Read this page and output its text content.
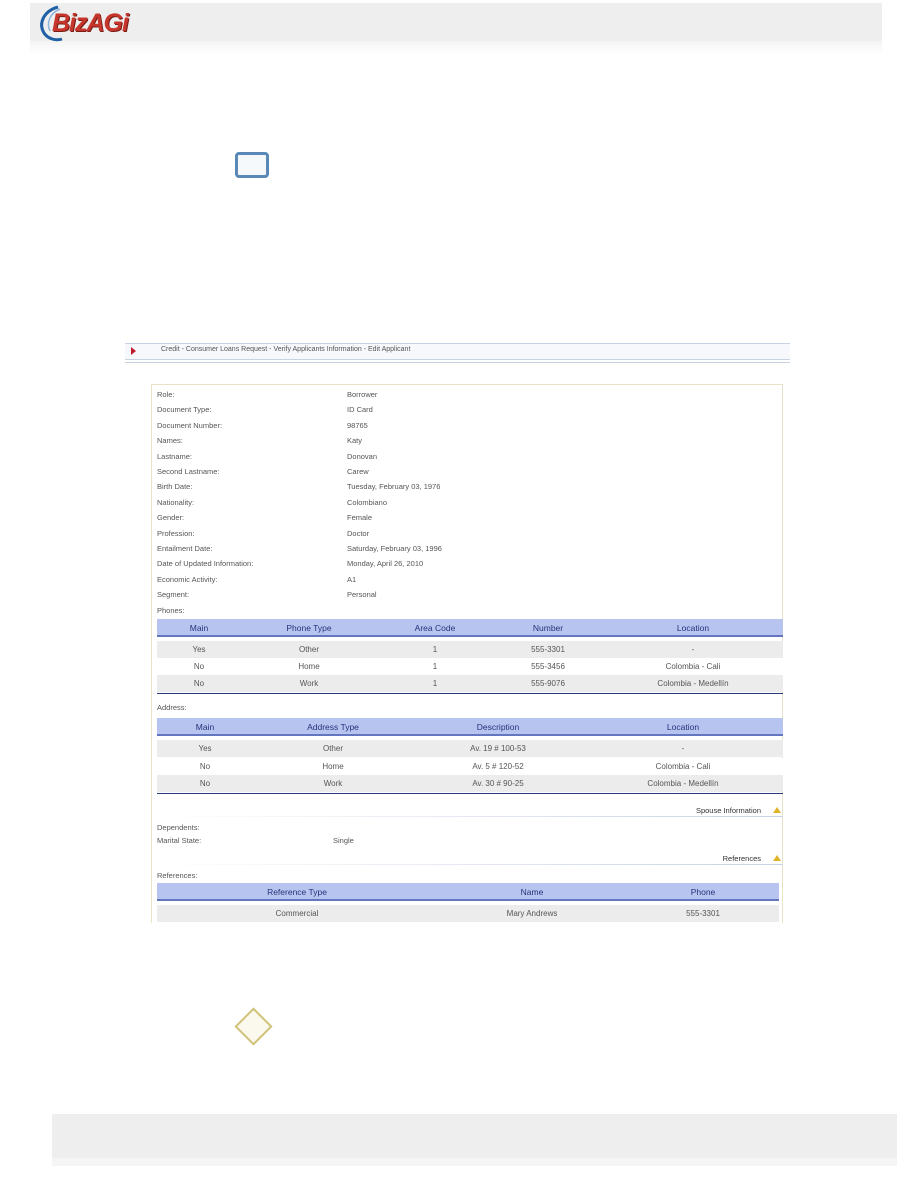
BizAGi
Credit - Consumer Loans Request - Verify Applicants Information - Edit Applicant
Role:	Borrower
Document Type:	ID Card
Document Number:	98765
Names:	Katy
Lastname:	Donovan
Second Lastname:	Carew
Birth Date:	Tuesday, February 03, 1976
Nationality:	Colombiano
Gender:	Female
Profession:	Doctor
Entailment Date:	Saturday, February 03, 1996
Date of Updated Information:	Monday, April 26, 2010
Economic Activity:	A1
Segment:	Personal
Phones:
Main	Phone Type	Area Code	Number	Location
Yes	Other	1	555-3301	-
No	Home	1	555-3456	Colombia - Cali
No	Work	1	555-9076	Colombia - Medellín
Address:
Main	Address Type	Description	Location
Yes	Other	Av. 19 # 100-53	-
No	Home	Av. 5 # 120-52	Colombia - Cali
No	Work	Av. 30 # 90-25	Colombia - Medellín
Spouse Information
Dependents:
Marital State:	Single
References
References:
Reference Type	Name	Phone
Commercial	Mary Andrews	555-3301
